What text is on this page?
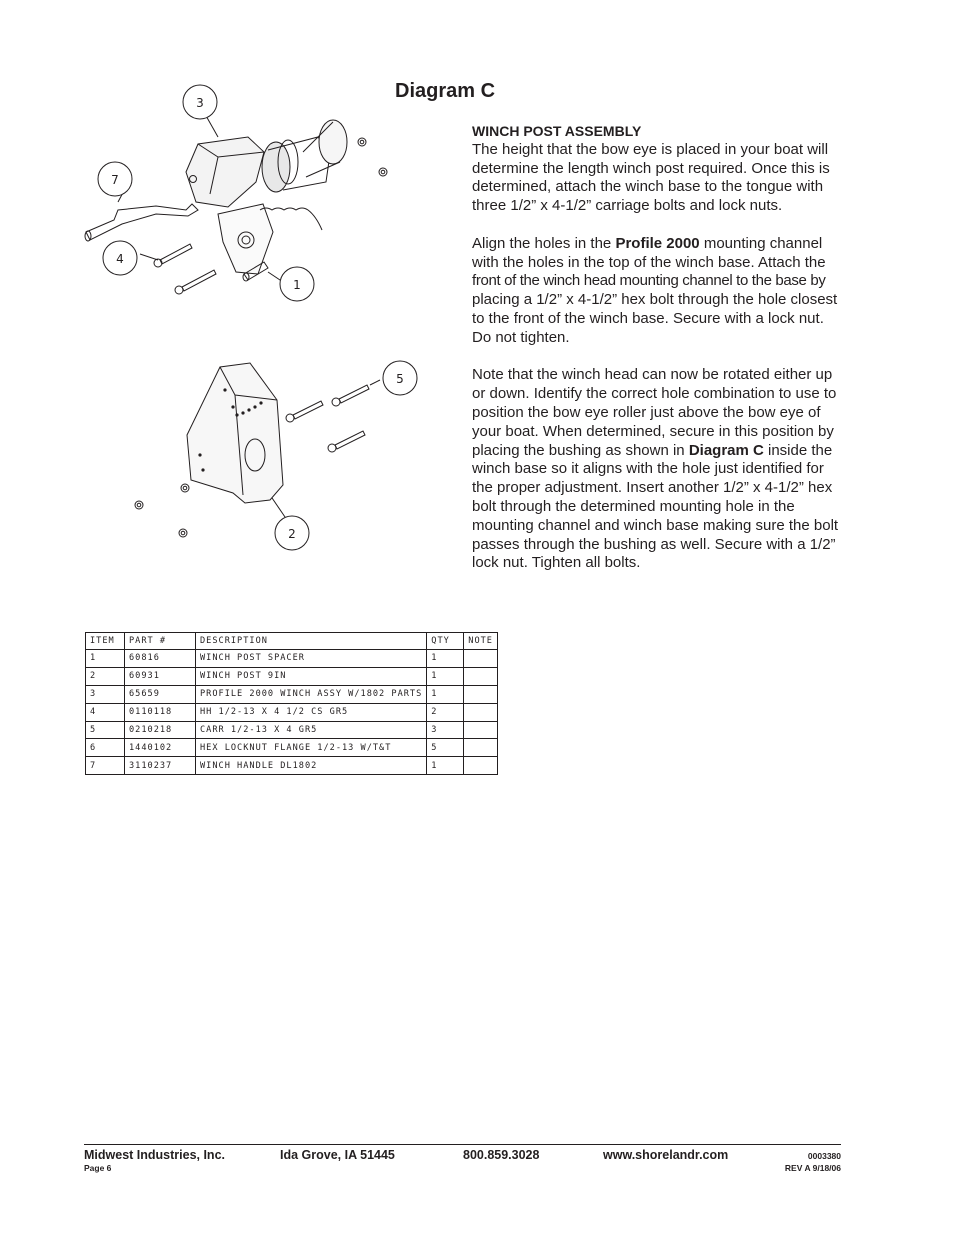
Diagram C
3
7
4
1
5
2
WINCH POST ASSEMBLY

The height that the bow eye is placed in your boat will determine the length winch post required. Once this is determined, attach the winch base to the tongue with three 1/2” x 4-1/2” carriage bolts and lock nuts.

Align the holes in the Profile 2000 mounting channel with the holes in the top of the winch base. Attach the front of the winch head mounting channel to the base by placing a 1/2” x 4-1/2” hex bolt through the hole closest to the front of the winch base. Secure with a lock nut. Do not tighten.

Note that the winch head can now be rotated either up or down. Identify the correct hole combination to use to position the bow eye roller just above the bow eye of your boat. When determined, secure in this position by placing the bushing as shown in Diagram C inside the winch base so it aligns with the hole just identified for the proper adjustment. Insert another 1/2” x 4-1/2” hex bolt through the determined mounting hole in the mounting channel and winch base making sure the bolt passes through the bushing as well. Secure with a 1/2” lock nut. Tighten all bolts.

ITEM	PART #	DESCRIPTION	QTY	NOTE
1	60816	WINCH POST SPACER	1	
2	60931	WINCH POST 9IN	1	
3	65659	PROFILE 2000 WINCH ASSY W/1802 PARTS	1	
4	0110118	HH 1/2-13 X 4 1/2 CS GR5	2	
5	0210218	CARR 1/2-13 X 4 GR5	3	
6	1440102	HEX LOCKNUT FLANGE 1/2-13 W/T&T	5	
7	3110237	WINCH HANDLE DL1802	1	
Midwest Industries, Inc.	Ida Grove, IA 51445	800.859.3028	www.shorelandr.com
Page 6
0003380
REV A 9/18/06
